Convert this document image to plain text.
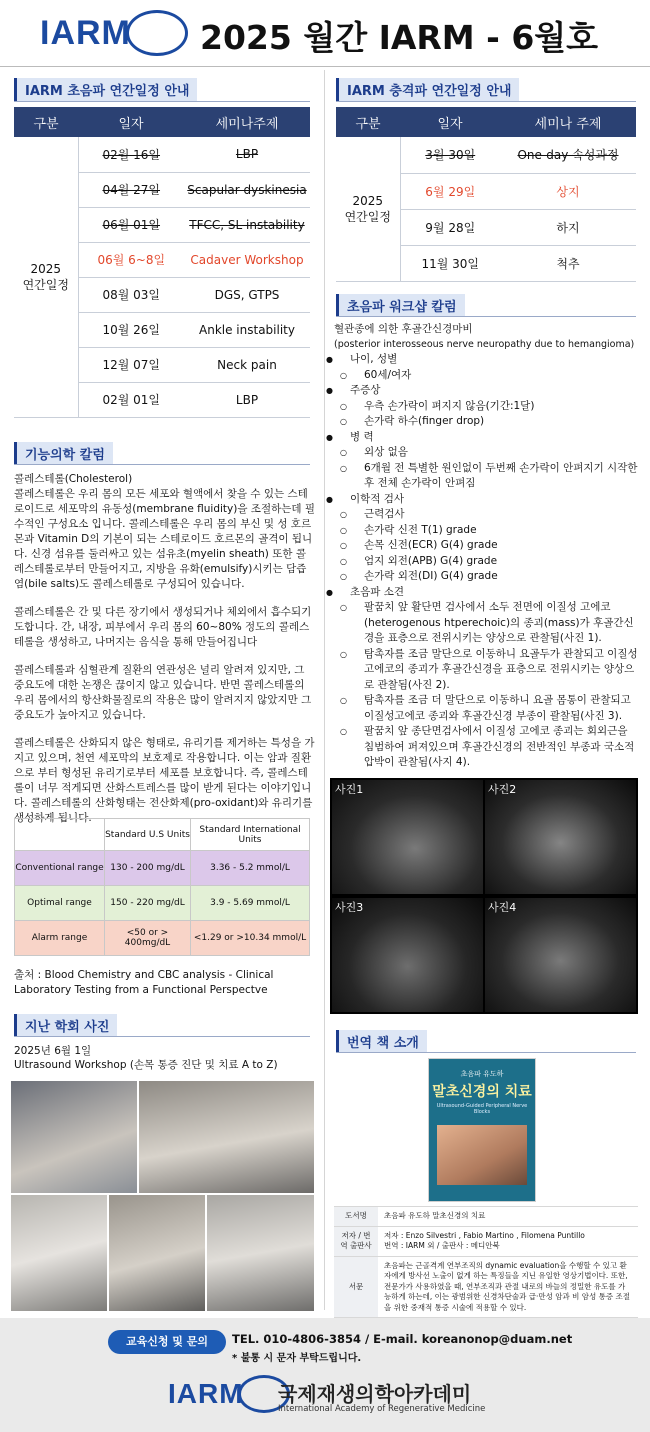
IARM	2025 월간 IARM - 6월호
IARM 초음파 연간일정 안내
구분	일자	세미나주제

2025
연간일정	02월 16일	LBP
	04월 27일	Scapular dyskinesia
	06월 01일	TFCC, SL instability
	06월 6~8일	Cadaver Workshop
	08월 03일	DGS, GTPS
	10월 26일	Ankle instability
	12월 07일	Neck pain
	02월 01일	LBP
기능의학 칼럼
콜레스테롤(Cholesterol)
콜레스테롤은 우리 몸의 모든 세포와 혈액에서 찾을 수 있는 스테로이드로 세포막의 유동성(membrane fluidity)을 조절하는데 필수적인 구성요소 입니다. 콜레스테롤은 우리 몸의 부신 및 성 호르몬과 Vitamin D의 기본이 되는 스테로이드 호르몬의 골격이 됩니다. 신경 섬유를 둘러싸고 있는 섬유초(myelin sheath) 또한 콜레스테롤로부터 만들어지고, 지방을 유화(emulsify)시키는 담즙염(bile salts)도 콜레스테롤로 구성되어 있습니다.
콜레스테롤은 간 및 다른 장기에서 생성되거나 체외에서 흡수되기도합니다. 간, 내장, 피부에서 우리 몸의 60~80% 정도의 콜레스테롤을 생성하고, 나머지는 음식을 통해 만들어집니다
콜레스테롤과 심혈관계 질환의 연관성은 널리 알려져 있지만, 그 중요도에 대한 논쟁은 끊이지 않고 있습니다. 반면 콜레스테롤의 우리 몸에서의 항산화물질로의 작용은 많이 알려지지 않았지만 그 중요도가 높아지고 있습니다.
콜레스테롤은 산화되지 않은 형태로, 유리기를 제거하는 특성을 가지고 있으며, 천연 세포막의 보호제로 작용합니다. 이는 암과 질환으로 부터 형성된 유리기로부터 세포를 보호합니다. 즉, 콜레스테롤이 너무 적게되면 산화스트레스를 많이 받게 된다는 이야기입니다. 콜레스테롤의 산화형태는 전산화제(pro-oxidant)와 유리기를 생성하게 됩니다.
	Standard U.S Units	Standard International Units
Conventional range	130 - 200 mg/dL	3.36 - 5.2 mmol/L
Optimal range	150 - 220 mg/dL	3.9 - 5.69 mmol/L
Alarm range	<50 or > 400mg/dL	<1.29 or >10.34 mmol/L
출처 : Blood Chemistry and CBC analysis - Clinical Laboratory Testing from a Functional Perspectve
지난 학회 사진
2025년 6월 1일
Ultrasound Workshop (손목 통증 진단 및 치료 A to Z)
IARM 충격파 연간일정 안내
구분	일자	세미나 주제

2025
연간일정	3월 30일	One-day 속성과정
	6월 29일	상지
	9월 28일	하지
	11월 30일	척추
초음파 워크샵 칼럼
혈관종에 의한 후골간신경마비
(posterior interosseous nerve neuropathy due to hemangioma)
● 나이, 성별
○ 60세/여자
● 주증상
○ 우측 손가락이 펴지지 않음(기간:1달)
○ 손가락 하수(finger drop)
● 병 력
○ 외상 없음
○ 6개월 전 특별한 원인없이 두번째 손가락이 안펴지기 시작한 후 전체 손가락이 안펴짐
● 이학적 검사
○ 근력검사
○ 손가락 신전 T(1) grade
○ 손목 신전(ECR) G(4) grade
○ 엄지 외전(APB) G(4) grade
○ 손가락 외전(DI) G(4) grade
● 초음파 소견
○ 팔꿈치 앞 활단면 검사에서 소두 전면에 이질성 고에코(heterogenous htperechoic)의 종괴(mass)가 후골간신경을 표층으로 전위시키는 양상으로 관찰됨(사진 1).
○ 탐촉자를 조금 말단으로 이동하니 요골두가 관찰되고 이질성고에코의 종괴가 후골간신경을 표층으로 전위시키는 양상으로 관찰됨(사진 2).
○ 탐촉자를 조금 더 말단으로 이동하니 요골 몸통이 관찰되고 이질성고에코 종괴와 후골간신경 부종이 괄찰됨(사진 3).
○ 팔꿈치 앞 종단면검사에서 이질성 고에코 종괴는 회외근을 침범하여 퍼져있으며 후골간신경의 전반적인 부종과 국소적 압박이 관찰됨(사지 4).
사진1	사진2
사진3	사진4
번역 책 소개
초음파 유도하
말초신경의 치료
Ultrasound-Guided Peripheral Nerve Blocks
도서명	초음파 유도하 말초신경의 치료
저자 / 번역 출판사	저자 : Enzo Silvestri , Fabio Martino , Filomena Puntillo
번역 : IARM 외 / 출판사 : 메디안북
서문	초음파는 근골격계 연부조직의 dynamic evaluation을 수행할 수 있고 환자에게 방사선 노출이 없게 하는 특징들을 지닌 유일한 영상기법이다. 또한, 전문가가 사용하였을 때, 연부조직과 관절 내로의 바늘의 정밀한 유도를 가능하게 하는데, 이는 광범위한 신경차단술과 급·만성 암과 비 암성 통증 조절을 위한 중재적 통증 시술에 적용할 수 있다.
교육신청 및 문의	TEL. 010-4806-3854 / E-mail. koreanonop@duam.net
* 불통 시 문자 부탁드립니다.
IARM 국제재생의학아카데미
International Academy of Regenerative Medicine
